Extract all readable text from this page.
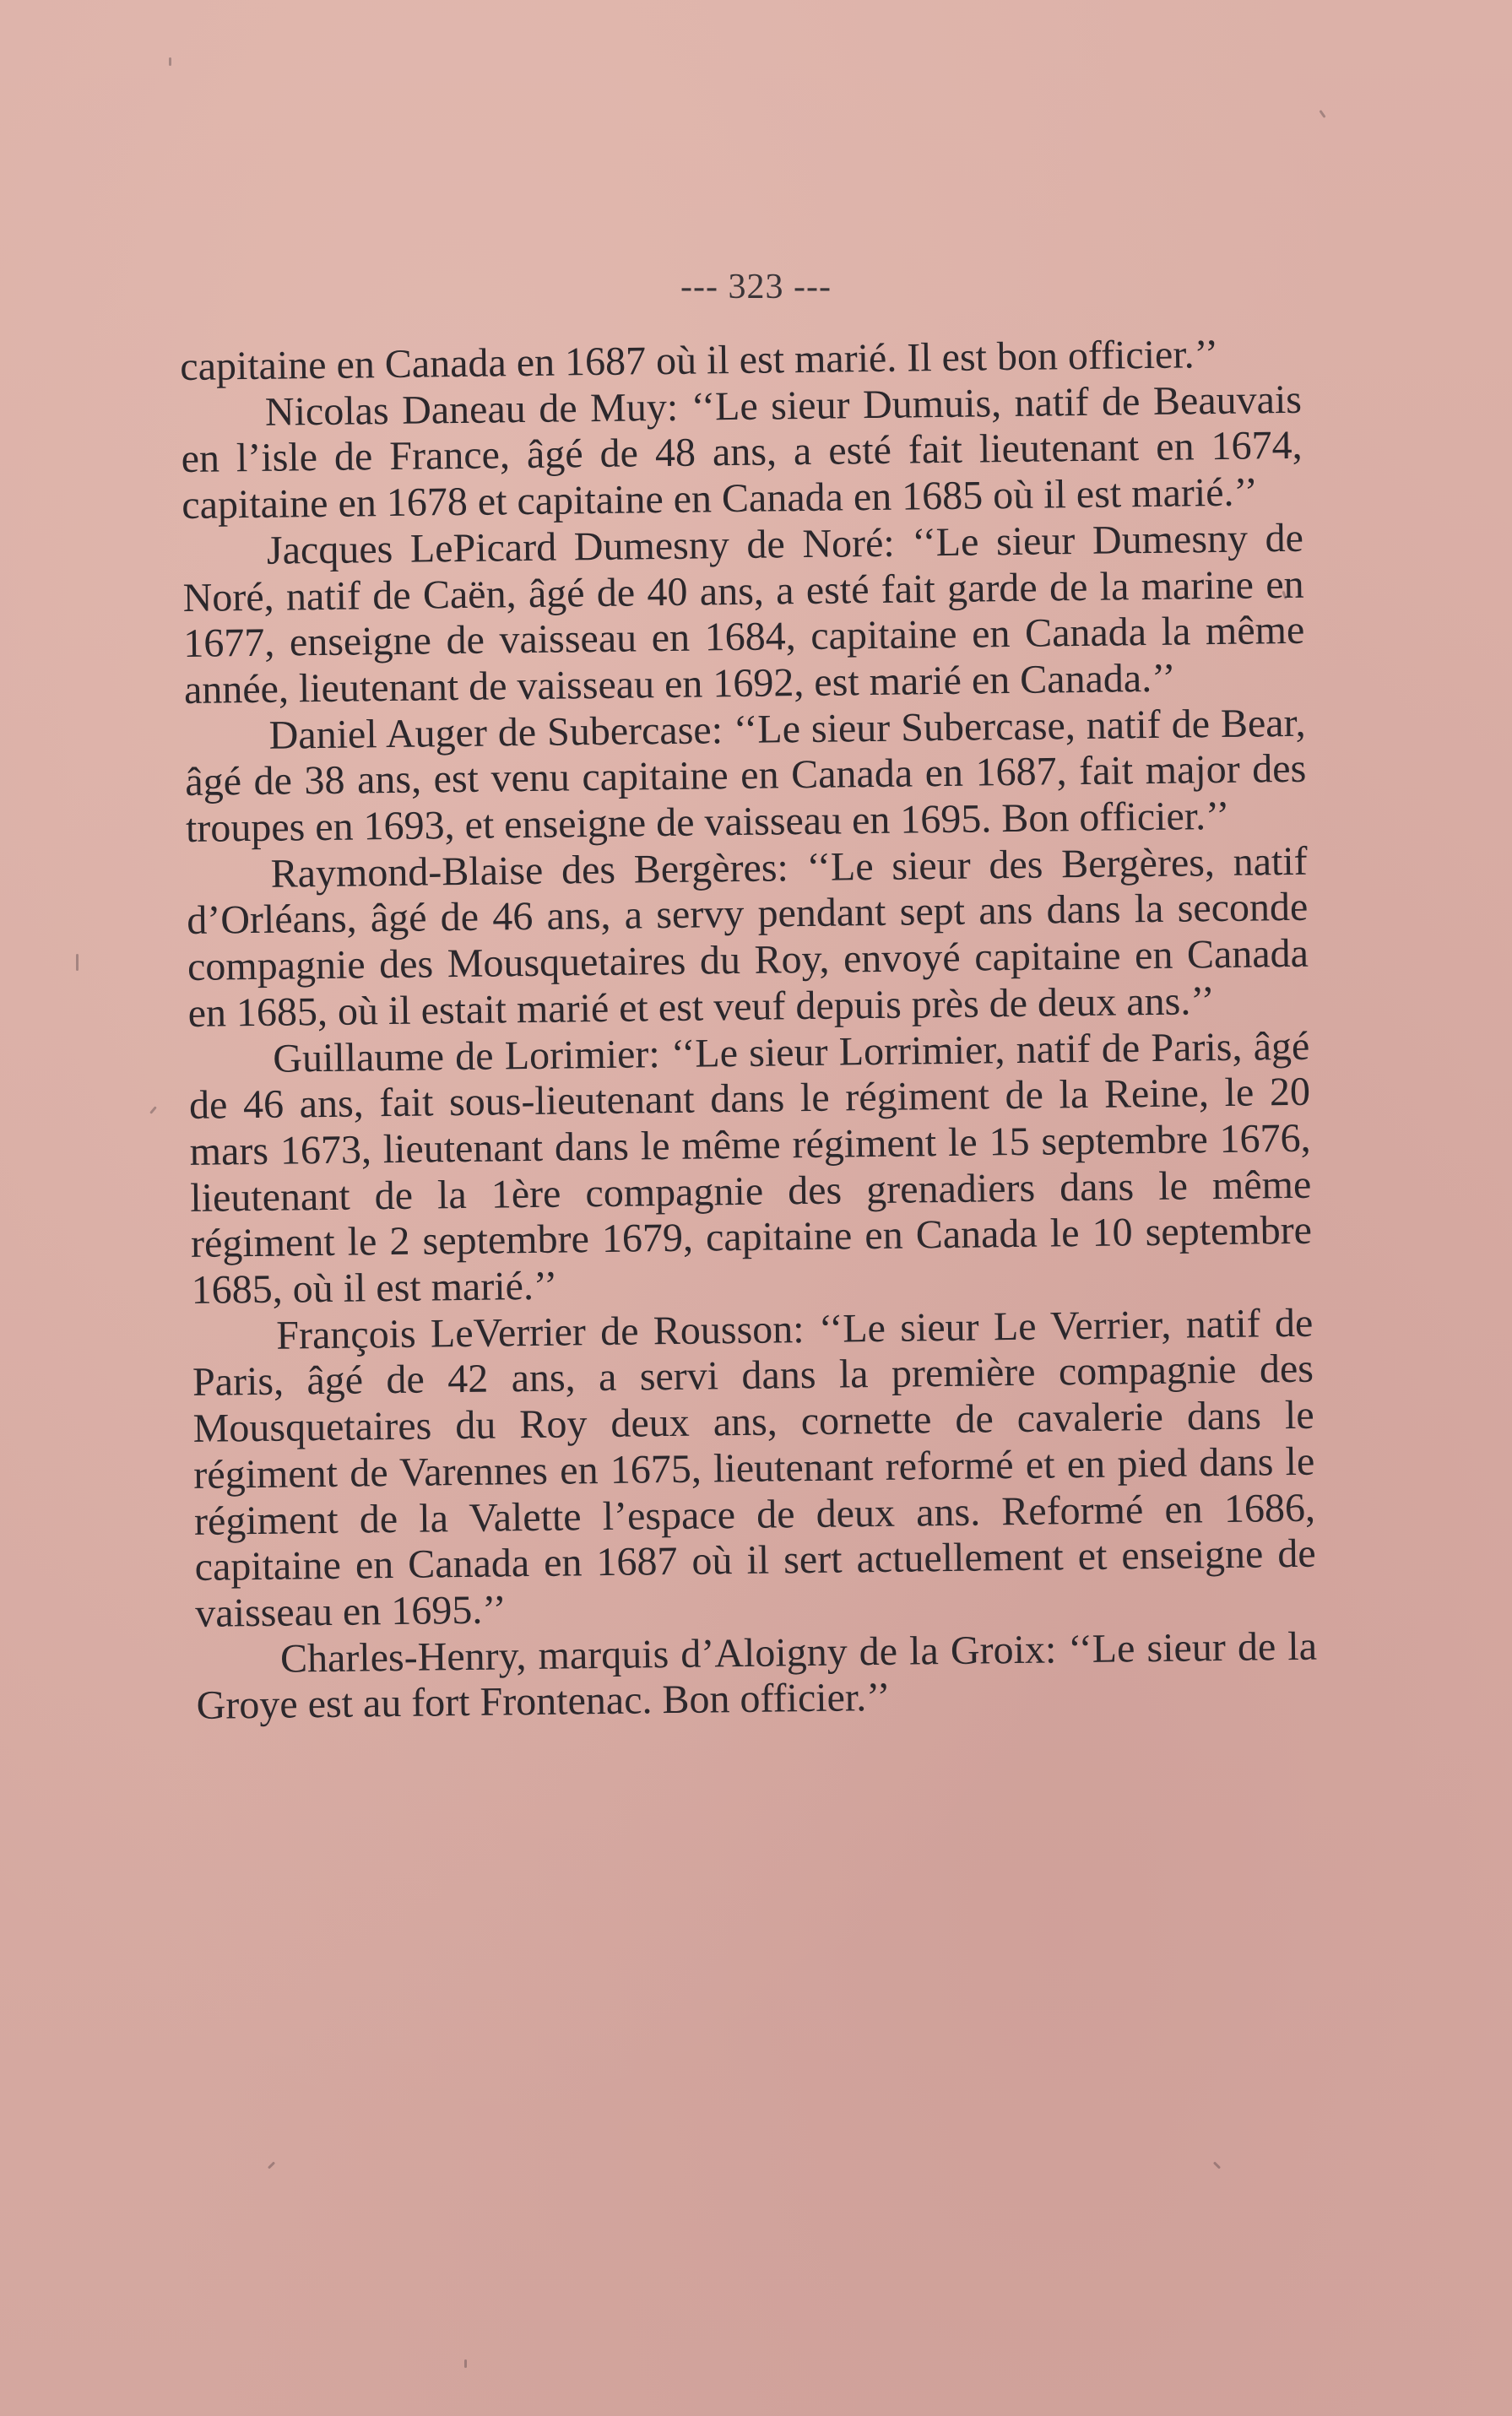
--- 323 ---

capitaine en Canada en 1687 où il est marié. Il est bon officier.’’

Nicolas Daneau de Muy: ‘‘Le sieur Dumuis, natif de Beauvais en l’isle de France, âgé de 48 ans, a esté fait lieutenant en 1674, capitaine en 1678 et capitaine en Canada en 1685 où il est marié.’’

Jacques LePicard Dumesny de Noré: ‘‘Le sieur Dumesny de Noré, natif de Caën, âgé de 40 ans, a esté fait garde de la marine en 1677, enseigne de vaisseau en 1684, capitaine en Canada la même année, lieutenant de vaisseau en 1692, est marié en Canada.’’

Daniel Auger de Subercase: ‘‘Le sieur Subercase, natif de Bear, âgé de 38 ans, est venu capitaine en Canada en 1687, fait major des troupes en 1693, et enseigne de vaisseau en 1695. Bon officier.’’

Raymond-Blaise des Bergères: ‘‘Le sieur des Bergères, natif d’Orléans, âgé de 46 ans, a servy pendant sept ans dans la seconde compagnie des Mousquetaires du Roy, envoyé capitaine en Canada en 1685, où il estait marié et est veuf depuis près de deux ans.’’

Guillaume de Lorimier: ‘‘Le sieur Lorrimier, natif de Paris, âgé de 46 ans, fait sous-lieutenant dans le régiment de la Reine, le 20 mars 1673, lieutenant dans le même régiment le 15 septembre 1676, lieutenant de la 1ère compagnie des grenadiers dans le même régiment le 2 septembre 1679, capitaine en Canada le 10 septembre 1685, où il est marié.’’

François LeVerrier de Rousson: ‘‘Le sieur Le Verrier, natif de Paris, âgé de 42 ans, a servi dans la première compagnie des Mousquetaires du Roy deux ans, cornette de cavalerie dans le régiment de Varennes en 1675, lieutenant reformé et en pied dans le régiment de la Valette l’espace de deux ans. Reformé en 1686, capitaine en Canada en 1687 où il sert actuellement et enseigne de vaisseau en 1695.’’

Charles-Henry, marquis d’Aloigny de la Groix: ‘‘Le sieur de la Groye est au fort Frontenac. Bon officier.’’
